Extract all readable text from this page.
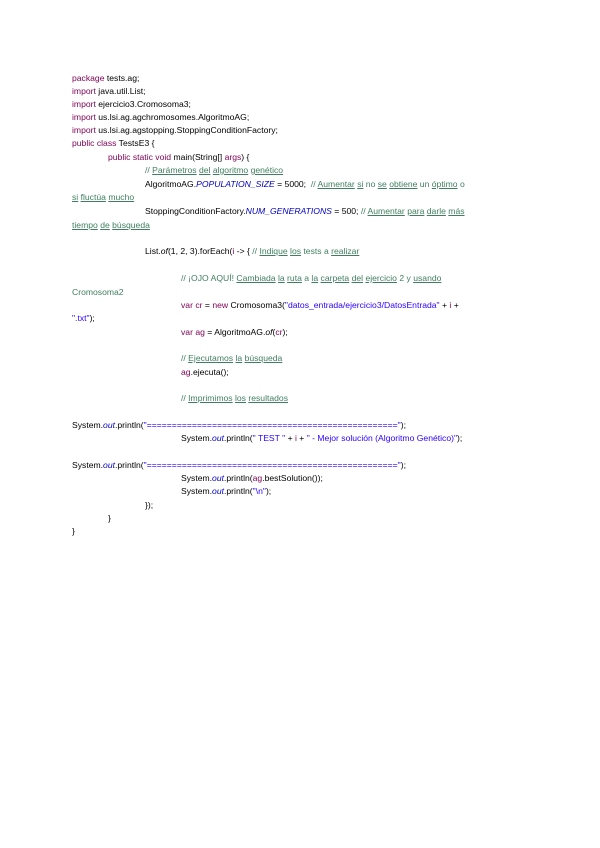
package tests.ag;
import java.util.List;
import ejercicio3.Cromosoma3;
import us.lsi.ag.agchromosomes.AlgoritmoAG;
import us.lsi.ag.agstopping.StoppingConditionFactory;
public class TestsE3 {
public static void main(String[] args) {
// Parámetros del algoritmo genético
AlgoritmoAG.POPULATION_SIZE = 5000;  // Aumentar si no se obtiene un óptimo o
si fluctúa mucho
StoppingConditionFactory.NUM_GENERATIONS = 500; // Aumentar para darle más
tiempo de búsqueda
List.of(1, 2, 3).forEach(i -> { // Indique los tests a realizar
// ¡OJO AQUÍ! Cambiada la ruta a la carpeta del ejercicio 2 y usando
Cromosoma2
var cr = new Cromosoma3("datos_entrada/ejercicio3/DatosEntrada" + i +
".txt");
var ag = AlgoritmoAG.of(cr);
// Ejecutamos la búsqueda
ag.ejecuta();
// Imprimimos los resultados
System.out.println("==================================================");
System.out.println(" TEST " + i + " - Mejor solución (Algoritmo Genético)");
System.out.println("==================================================");
System.out.println(ag.bestSolution());
System.out.println("\n");
});
}
}
